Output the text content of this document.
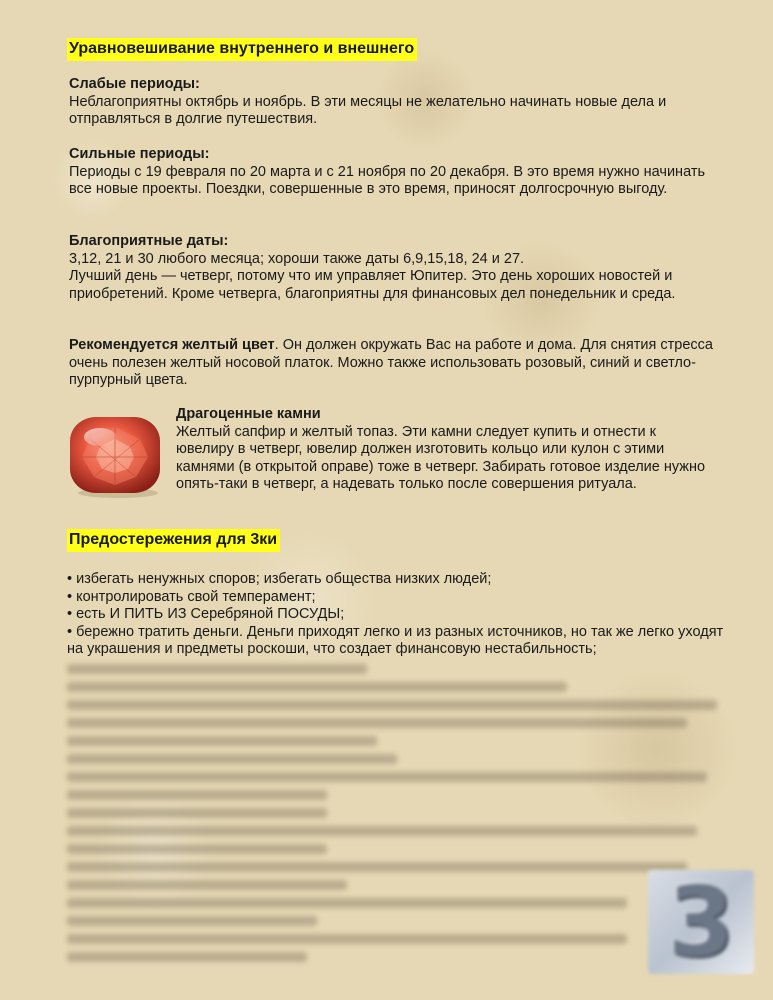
Уравновешивание внутреннего и внешнего
Слабые периоды:

Неблагоприятны октябрь и ноябрь. В эти месяцы не желательно начинать новые дела и отправляться в долгие путешествия.

Сильные периоды:

Периоды с 19 февраля по 20 марта и с 21 ноября по 20 декабря. В это время нужно начинать все новые проекты. Поездки, совершенные в это время, приносят долгосрочную выгоду.

Благоприятные даты:

3,12, 21 и 30 любого месяца; хороши также даты 6,9,15,18, 24 и 27.

Лучший день — четверг, потому что им управляет Юпитер. Это день хороших новостей и приобретений. Кроме четверга, благоприятны для финансовых дел понедельник и среда.

Рекомендуется желтый цвет. Он должен окружать Вас на работе и дома. Для снятия стресса очень полезен желтый носовой платок. Можно также использовать розовый, синий и светло-пурпурный цвета.

Драгоценные камни

Желтый сапфир и желтый топаз. Эти камни следует купить и отнести к ювелиру в четверг, ювелир должен изготовить кольцо или кулон с этими камнями (в открытой оправе) тоже в четверг. Забирать готовое изделие нужно опять-таки в четверг, а надевать только после совершения ритуала.

Предостережения для 3ки
• избегать ненужных споров; избегать общества низких людей;
• контролировать свой темперамент;
• есть И ПИТЬ ИЗ Серебряной ПОСУДЫ;
• бережно тратить деньги. Деньги приходят легко и из разных источников, но так же легко уходят на украшения и предметы роскоши, что создает финансовую нестабильность;
3
